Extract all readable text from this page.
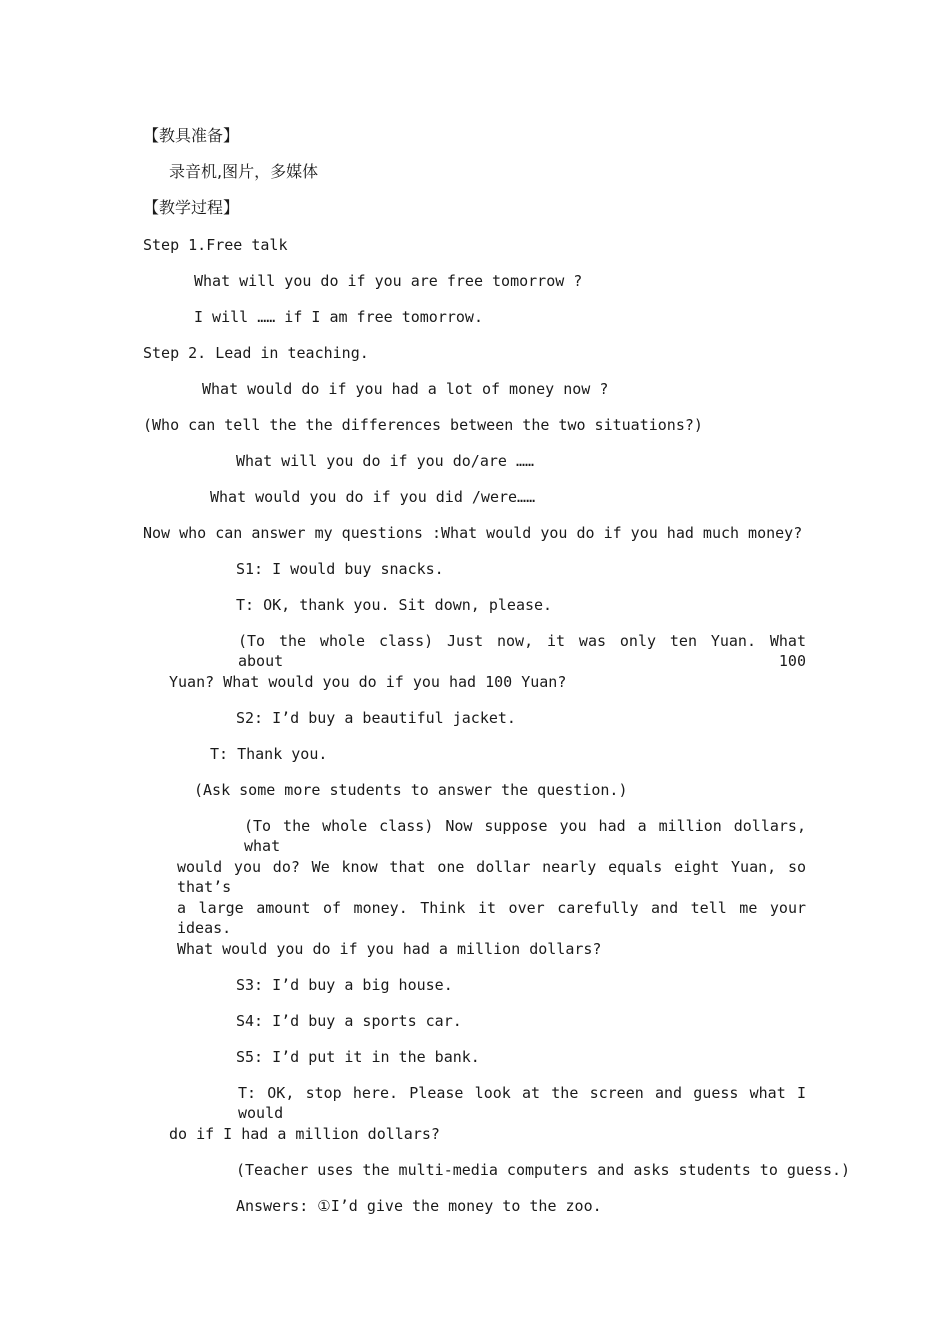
【教具准备】
录音机,图片，多媒体
【教学过程】
Step 1.Free talk
What will you do if you are free tomorrow ?
I will …… if I am free tomorrow.
Step 2. Lead in teaching.
What would do if you had a lot of money now ?
(Who can tell the the differences between the two situations?)
What will you do if you do/are ……
What would you do if you did /were……
Now who can answer my questions :What would you do if you had much money?
S1: I would buy snacks.
T: OK, thank you. Sit down, please.
(To the whole class) Just now, it was only ten Yuan. What about 100
Yuan? What would you do if you had 100 Yuan?
S2: I’d buy a beautiful jacket.
T: Thank you.
(Ask some more students to answer the question.)
(To the whole class) Now suppose you had a million dollars, what
would you do? We know that one dollar nearly equals eight Yuan, so that’s
a large amount of money. Think it over carefully and tell me your ideas.
What would you do if you had a million dollars?
S3: I’d buy a big house.
S4: I’d buy a sports car.
S5: I’d put it in the bank.
T: OK, stop here. Please look at the screen and guess what I would
do if I had a million dollars?
(Teacher uses the multi-media computers and asks students to guess.)
Answers: ①I’d give the money to the zoo.
